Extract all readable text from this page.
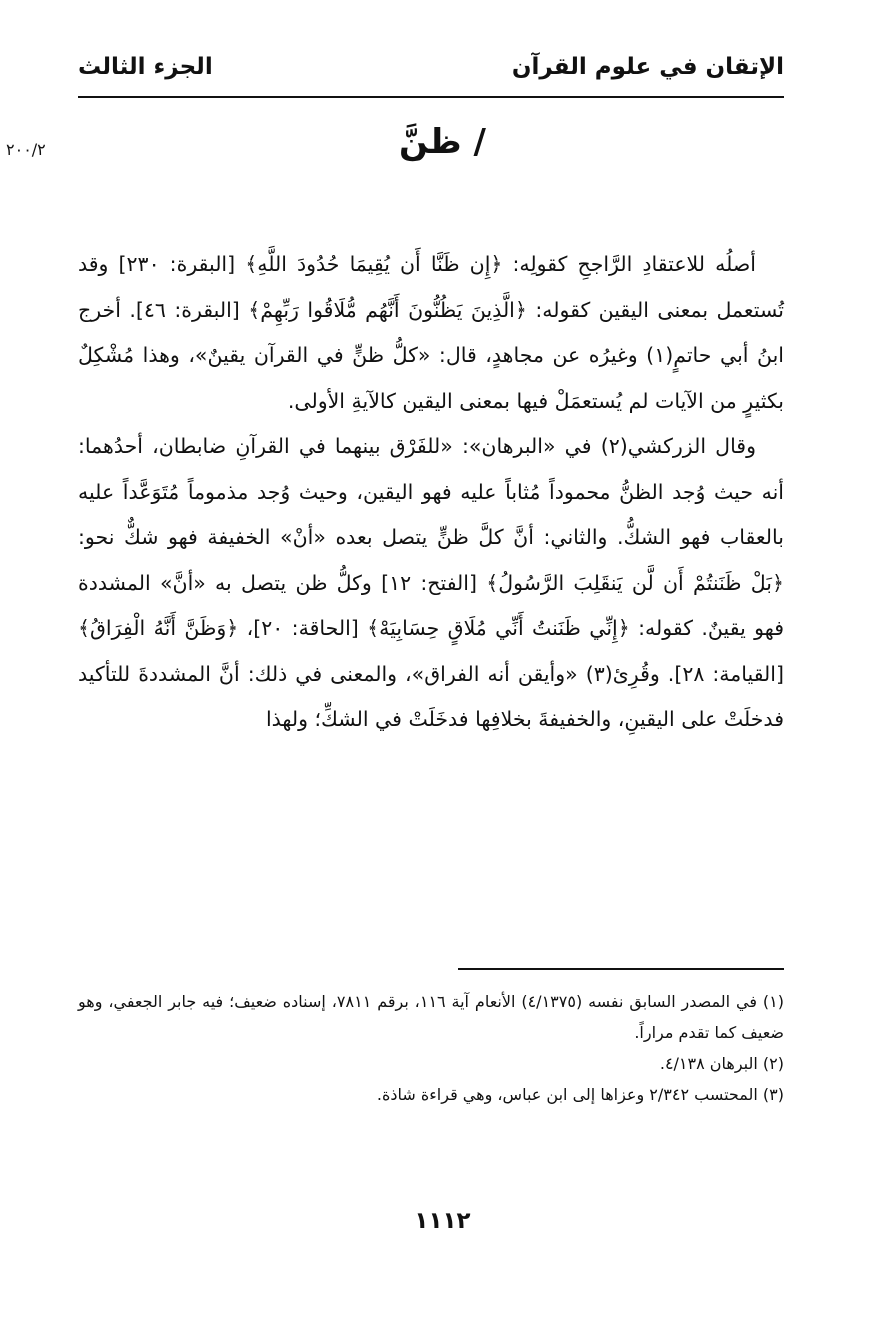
الإتقان في علوم القرآن
الجزء الثالث
٢٠٠/٢	/ ظنَّ

أصلُه للاعتقادِ الرَّاجحِ كقولِه: ﴿إِن ظَنَّا أَن يُقِيمَا حُدُودَ اللَّهِ﴾ [البقرة: ٢٣٠] وقد تُستعمل بمعنى اليقين كقوله: ﴿الَّذِينَ يَظُنُّونَ أَنَّهُم مُّلَاقُوا رَبِّهِمْ﴾ [البقرة: ٤٦]. أخرج ابنُ أبي حاتمٍ(١) وغيرُه عن مجاهدٍ، قال: «كلُّ ظنٍّ في القرآن يقينٌ»، وهذا مُشْكِلٌ بكثيرٍ من الآيات لم يُستعمَلْ فيها بمعنى اليقين كالآيةِ الأولى.

وقال الزركشي(٢) في «البرهان»: «للفَرْق بينهما في القرآنِ ضابطان، أحدُهما: أنه حيث وُجد الظنُّ محموداً مُثاباً عليه فهو اليقين، وحيث وُجد مذموماً مُتَوَعَّداً عليه بالعقاب فهو الشكُّ. والثاني: أنَّ كلَّ ظنٍّ يتصل بعده «أنْ» الخفيفة فهو شكٌّ نحو: ﴿بَلْ ظَنَنتُمْ أَن لَّن يَنقَلِبَ الرَّسُولُ﴾ [الفتح: ١٢] وكلُّ ظن يتصل به «أنَّ» المشددة فهو يقينٌ. كقوله: ﴿إِنِّي ظَنَنتُ أَنِّي مُلَاقٍ حِسَابِيَهْ﴾ [الحاقة: ٢٠]، ﴿وَظَنَّ أَنَّهُ الْفِرَاقُ﴾ [القيامة: ٢٨]. وقُرِئ(٣) «وأيقن أنه الفراق»، والمعنى في ذلك: أنَّ المشددةَ للتأكيد فدخلَتْ على اليقينِ، والخفيفةَ بخلافِها فدخَلَتْ في الشكِّ؛ ولهذا

(١) في المصدر السابق نفسه (٤/١٣٧٥) الأنعام آية ١١٦، برقم ٧٨١١، إسناده ضعيف؛ فيه جابر الجعفي، وهو ضعيف كما تقدم مراراً.

(٢) البرهان ٤/١٣٨.

(٣) المحتسب ٢/٣٤٢ وعزاها إلى ابن عباس، وهي قراءة شاذة.

١١١٢
